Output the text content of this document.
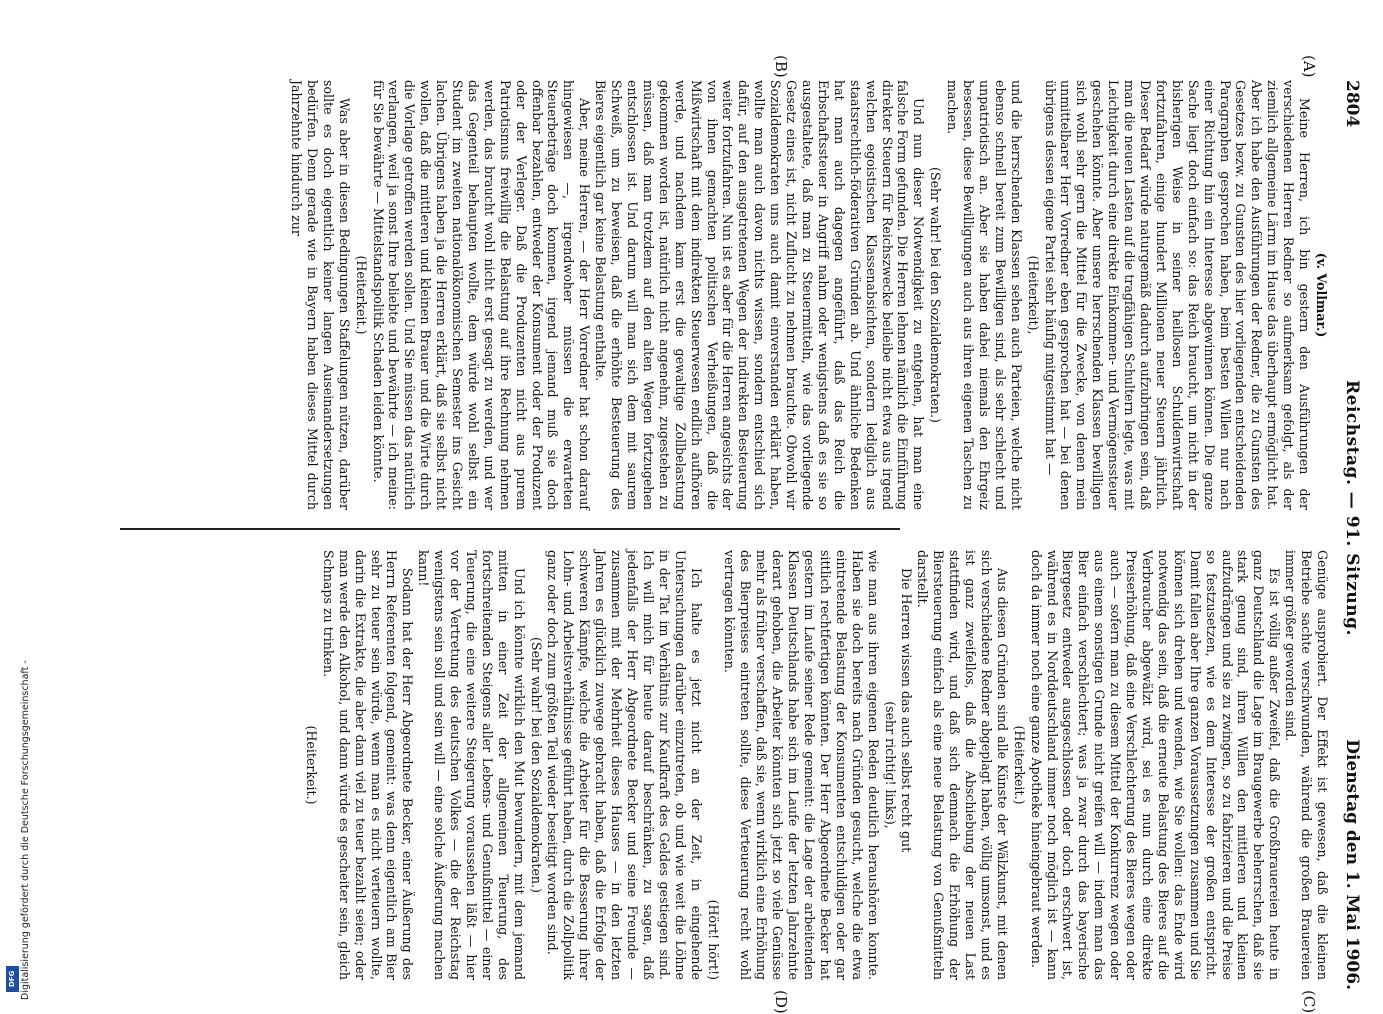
2804
Reichstag. — 91. Sitzung.
Dienstag den 1. Mai 1906.
(A)
(B)
(C)
(D)

(v. Vollmar.)

Meine Herren, ich bin gestern den Ausführungen der verschiedenen Herren Redner so aufmerksam gefolgt, als der ziemlich allgemeine Lärm im Hause das überhaupt ermöglicht hat. Aber ich habe den Ausführungen der Redner, die zu Gunsten des Gesetzes bezw. zu Gunsten des hier vorliegenden entscheidenden Paragraphen gesprochen haben, beim besten Willen nur nach einer Richtung hin ein Interesse abgewinnen können. Die ganze Sache liegt doch einfach so: das Reich braucht, um nicht in der bisherigen Weise in seiner heillosen Schuldenwirtschaft fortzufahren, einige hundert Millionen neuer Steuern jährlich. Dieser Bedarf würde naturgemäß dadurch aufzubringen sein, daß man die neuen Lasten auf die tragfähigen Schultern legte, was mit Leichtigkeit durch eine direkte Einkommen- und Vermögenssteuer geschehen könnte. Aber unsere herrschenden Klassen bewilligen sich wohl sehr gern die Mittel für die Zwecke, von denen mein unmittelbarer Herr Vorredner eben gesprochen hat — bei denen übrigens dessen eigene Partei sehr häufig mitgestimmt hat —

(Heiterkeit),

und die herrschenden Klassen sehen auch Parteien, welche nicht ebenso schnell bereit zum Bewilligen sind, als sehr schlecht und unpatriotisch an. Aber sie haben dabei niemals den Ehrgeiz besessen, diese Bewilligungen auch aus ihren eigenen Taschen zu machen.

(Sehr wahr! bei den Sozialdemokraten.)

Und nun dieser Notwendigkeit zu entgehen, hat man eine falsche Form gefunden. Die Herren lehnen nämlich die Einführung direkter Steuern für Reichszwecke beileibe nicht etwa aus irgend welchen egoistischen Klassenabsichten, sondern lediglich aus staatsrechtlich-föderativen Gründen ab. Und ähnliche Bedenken hat man auch dagegen angeführt, daß das Reich die Erbschaftssteuer in Angriff nahm oder wenigstens daß es sie so ausgestaltete, daß man zu Steuermitteln, wie das vorliegende Gesetz eines ist, nicht Zuflucht zu nehmen brauchte. Obwohl wir Sozialdemokraten uns auch damit einverstanden erklärt haben, wollte man auch davon nichts wissen, sondern entschied sich dafür, auf den ausgetretenen Wegen der indirekten Besteuerung weiter fortzufahren. Nun ist es aber für die Herren angesichts der von ihnen gemachten politischen Verheißungen, daß die Mißwirtschaft mit dem indirekten Steuerwesen endlich aufhören werde, und nachdem kam erst die gewaltige Zollbelastung gekommen worden ist, natürlich nicht angenehm, zugestehen zu müssen, daß man trotzdem auf den alten Wegen fortzugehen entschlossen ist. Und darum will man sich dem mit saurem Schweiß, um zu beweisen, daß die erhöhte Besteuerung des Bieres eigentlich gar keine Belastung enthalte.

Aber, meine Herren, — der Herr Vorredner hat schon darauf hingewiesen —, irgendwoher müssen die erwarteten Steuerbeträge doch kommen, irgend jemand muß sie doch offenbar bezahlen, entweder der Konsument oder der Produzent oder der Verleger. Daß die Produzenten nicht aus purem Patriotismus freiwillig die Belastung auf ihre Rechnung nehmen werden, das braucht wohl nicht erst gesagt zu werden, und wer das Gegenteil behaupten wollte, dem würde wohl selbst ein Student im zweiten nationalökonomischen Semester ins Gesicht lachen. Übrigens haben ja die Herren erklärt, daß sie selbst nicht wollen, daß die mittleren und kleinen Brauer und die Wirte durch die Vorlage getroffen werden sollen. Und Sie müssen das natürlich verlangen, weil ja sonst Ihre beliebte und bewährte — ich meine: für Sie bewährte — Mittelstandspolitik Schaden leiden könnte.

(Heiterkeit.)

Was aber in diesen Bedingungen Staffelungen nützen, darüber sollte es doch eigentlich keiner langen Auseinandersetzungen bedürfen. Denn gerade wie in Bayern haben dieses Mittel durch Jahrzehnte hindurch zur

Genüge ausprobiert. Der Effekt ist gewesen, daß die kleinen Betriebe sachte verschwunden, während die großen Brauereien immer größer geworden sind.

Es ist völlig außer Zweifel, daß die Großbrauereien heute in ganz Deutschland die Lage im Braugewerbe beherrschen, daß sie stark genug sind, ihren Willen den mittleren und kleinen aufzudrängen und sie zu zwingen, so zu fabrizieren und die Preise so festzusetzen, wie es dem Interesse der großen entspricht. Damit fallen aber Ihre ganzen Voraussetzungen zusammen und Sie können sich drehen und wenden, wie Sie wollen: das Ende wird notwendig das sein, daß die erneute Belastung des Bieres auf die Verbraucher abgewälzt wird, sei es nun durch eine direkte Preiserhöhung, daß eine Verschlechterung des Bieres wegen oder auch — sofern man zu diesem Mittel der Konkurrenz wegen oder aus einem sonstigen Grunde nicht greifen will — indem man das Bier einfach verschlechtert; was ja zwar durch das bayerische Biergesetz entweder ausgeschlossen oder doch erschwert ist, während es in Norddeutschland immer noch möglich ist — kann doch da immer noch eine ganze Apotheke hineingebraut werden.

(Heiterkeit.)

Aus diesen Gründen sind alle Künste der Wälzkunst, mit denen sich verschiedene Redner abgeplagt haben, völlig umsonst, und es ist ganz zweifellos, daß die Abschiebung der neuen Last stattfinden wird, und daß sich demnach die Erhöhung der Biersteuerung einfach als eine neue Belastung von Genußmitteln darstellt.

Die Herren wissen das auch selbst recht gut

(sehr richtig! links),

wie man aus ihren eigenen Reden deutlich heraushören konnte. Haben sie doch bereits nach Gründen gesucht, welche die etwa eintretende Belastung der Konsumenten entschuldigen oder gar sittlich rechtfertigen könnten. Der Herr Abgeordnete Becker hat gestern im Laufe seiner Rede gemeint: die Lage der arbeitenden Klassen Deutschlands habe sich im Laufe der letzten Jahrzehnte derart gehoben, die Arbeiter könnten sich jetzt so viele Genüsse mehr als früher verschaffen, daß sie, wenn wirklich eine Erhöhung des Bierpreises eintreten sollte, diese Verteuerung recht wohl vertragen könnten.

(Hört! hört!)

Ich halte es jetzt nicht an der Zeit, in eingehende Untersuchungen darüber einzutreten, ob und wie weit die Löhne in der Tat im Verhältnis zur Kaufkraft des Geldes gestiegen sind. Ich will mich für heute darauf beschränken, zu sagen, daß jedenfalls der Herr Abgeordnete Becker und seine Freunde — zusammen mit der Mehrheit dieses Hauses — in den letzten Jahren es glücklich zuwege gebracht haben, daß die Erfolge der schweren Kämpfe, welche die Arbeiter für die Besserung ihrer Lohn- und Arbeitsverhältnisse geführt haben, durch die Zollpolitik ganz oder doch zum größten Teil wieder beseitigt worden sind.

(Sehr wahr! bei den Sozialdemokraten.)

Und ich könnte wirklich den Mut bewundern, mit dem jemand mitten in einer Zeit der allgemeinen Teuerung, des fortschreitenden Steigens aller Lebens- und Genußmittel — einer Teuerung, die eine weitere Steigerung voraussehen läßt — hier vor der Vertretung des deutschen Volkes — die der Reichstag wenigstens sein soll und sein will — eine solche Äußerung machen kann!

Sodann hat der Herr Abgeordnete Becker, einer Äußerung des Herrn Referenten folgend, gemeint: was denn eigentlich am Bier sehr zu teuer sein würde, wenn man es nicht verteuern wollte, darin die Extrakte, die aber dann viel zu teuer bezahlt seien; oder man werde den Alkohol, und dann würde es gescheiter sein, gleich Schnaps zu trinken.

(Heiterkeit.)

Digitalisierung gefördert durch die Deutsche Forschungsgemeinschaft -
DFG
